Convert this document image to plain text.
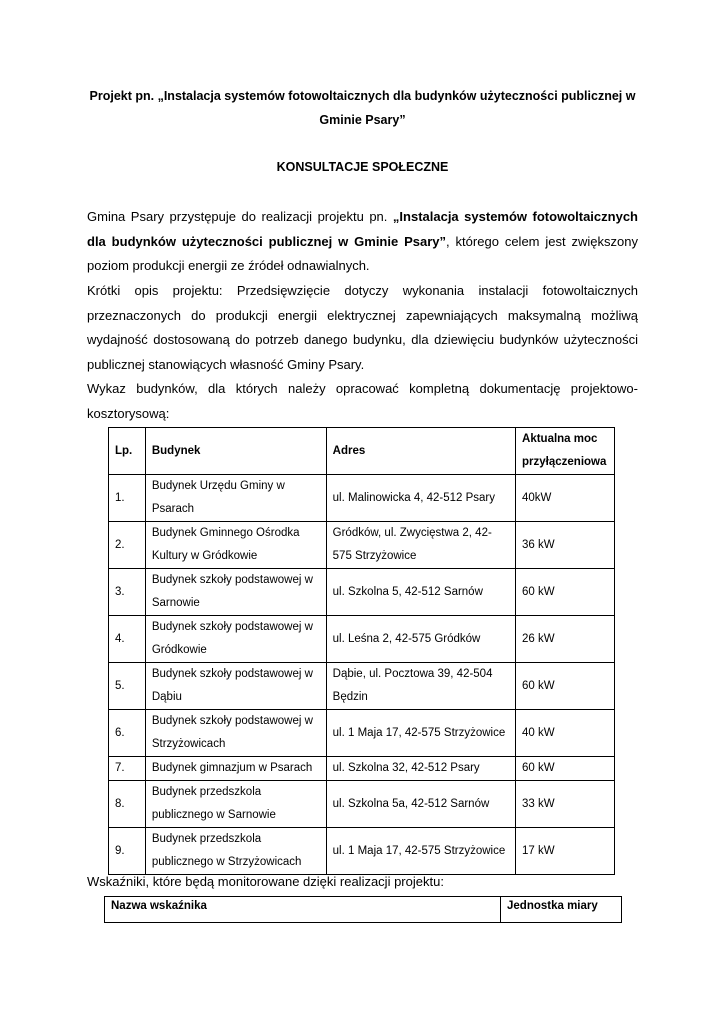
Projekt pn. „Instalacja systemów fotowoltaicznych dla budynków użyteczności publicznej w Gminie Psary”
KONSULTACJE SPOŁECZNE
Gmina Psary przystępuje do realizacji projektu pn. „Instalacja systemów fotowoltaicznych dla budynków użyteczności publicznej w Gminie Psary”, którego celem jest zwiększony poziom produkcji energii ze źródeł odnawialnych.
Krótki opis projektu: Przedsięwzięcie dotyczy wykonania instalacji fotowoltaicznych przeznaczonych do produkcji energii elektrycznej zapewniających maksymalną możliwą wydajność dostosowaną do potrzeb danego budynku, dla dziewięciu budynków użyteczności publicznej stanowiących własność Gminy Psary.
Wykaz budynków, dla których należy opracować kompletną dokumentację projektowo-
kosztorysową:
Lp.	Budynek	Adres	Aktualna moc przyłączeniowa
1.	Budynek Urzędu Gminy w Psarach	ul. Malinowicka 4, 42-512 Psary	40kW
2.	Budynek Gminnego Ośrodka Kultury w Gródkowie	Gródków, ul. Zwycięstwa 2, 42-575 Strzyżowice	36 kW
3.	Budynek szkoły podstawowej w Sarnowie	ul. Szkolna 5, 42-512 Sarnów	60 kW
4.	Budynek szkoły podstawowej w Gródkowie	ul. Leśna 2, 42-575 Gródków	26 kW
5.	Budynek szkoły podstawowej w Dąbiu	Dąbie, ul. Pocztowa 39, 42-504 Będzin	60 kW
6.	Budynek szkoły podstawowej w Strzyżowicach	ul. 1 Maja 17, 42-575 Strzyżowice	40 kW
7.	Budynek gimnazjum w Psarach	ul. Szkolna 32, 42-512 Psary	60 kW
8.	Budynek przedszkola publicznego w Sarnowie	ul. Szkolna 5a, 42-512 Sarnów	33 kW
9.	Budynek przedszkola publicznego w Strzyżowicach	ul. 1 Maja 17, 42-575 Strzyżowice	17 kW
Wskaźniki, które będą monitorowane dzięki realizacji projektu:
Nazwa wskaźnika	Jednostka miary
